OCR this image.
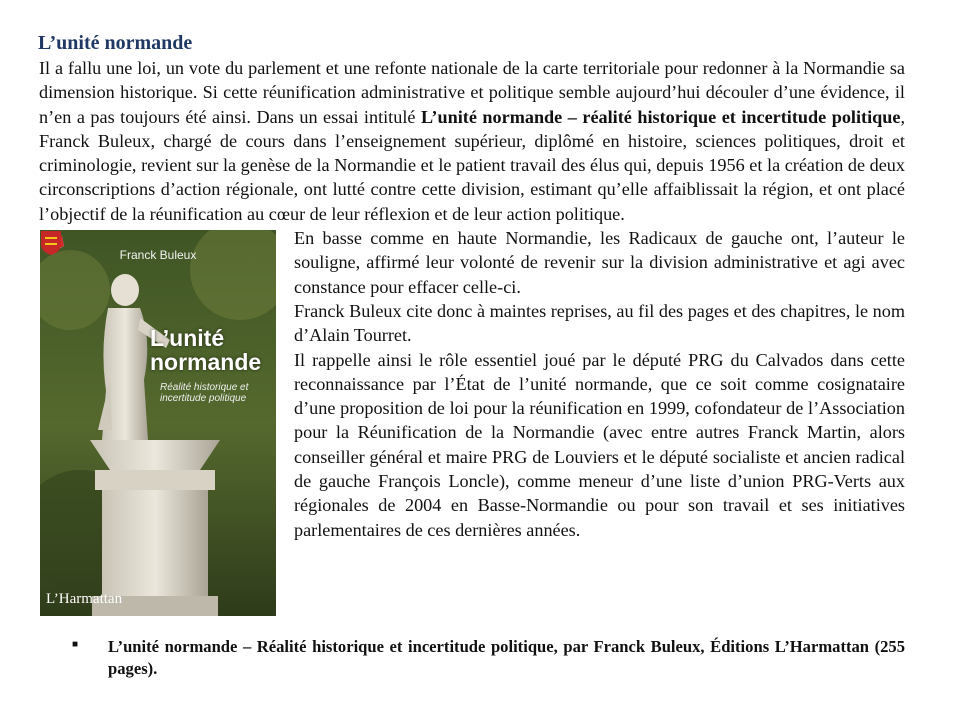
L’unité normande
Franck Buleux
L’unité
normande
Réalité historique et incertitude politique
L’Harmattan

Il a fallu une loi, un vote du parlement et une refonte nationale de la carte territoriale pour redonner à la Normandie sa dimension historique. Si cette réunification administrative et politique semble aujourd’hui découler d’une évidence, il n’en a pas toujours été ainsi. Dans un essai intitulé L’unité normande – réalité historique et incertitude politique, Franck Buleux, chargé de cours dans l’enseignement supérieur, diplômé en histoire, sciences politiques, droit et criminologie, revient sur la genèse de la Normandie et le patient travail des élus qui, depuis 1956 et la création de deux circonscriptions d’action régionale, ont lutté contre cette division, estimant qu’elle affaiblissait la région, et ont placé l’objectif de la réunification au cœur de leur réflexion et de leur action politique.

En basse comme en haute Normandie, les Radicaux de gauche ont, l’auteur le souligne, affirmé leur volonté de revenir sur la division administrative et agi avec constance pour effacer celle-ci.

Franck Buleux cite donc à maintes reprises, au fil des pages et des chapitres, le nom d’Alain Tourret.

Il rappelle ainsi le rôle essentiel joué par le député PRG du Calvados dans cette reconnaissance par l’État de l’unité normande, que ce soit comme cosignataire d’une proposition de loi pour la réunification en 1999, cofondateur de l’Association pour la Réunification de la Normandie (avec entre autres Franck Martin, alors conseiller général et maire PRG de Louviers et le député socialiste et ancien radical de gauche François Loncle), comme meneur d’une liste d’union PRG-Verts aux régionales de 2004 en Basse-Normandie ou pour son travail et ses initiatives parlementaires de ces dernières années.

■ L’unité normande – Réalité historique et incertitude politique, par Franck Buleux, Éditions L’Harmattan (255 pages).
